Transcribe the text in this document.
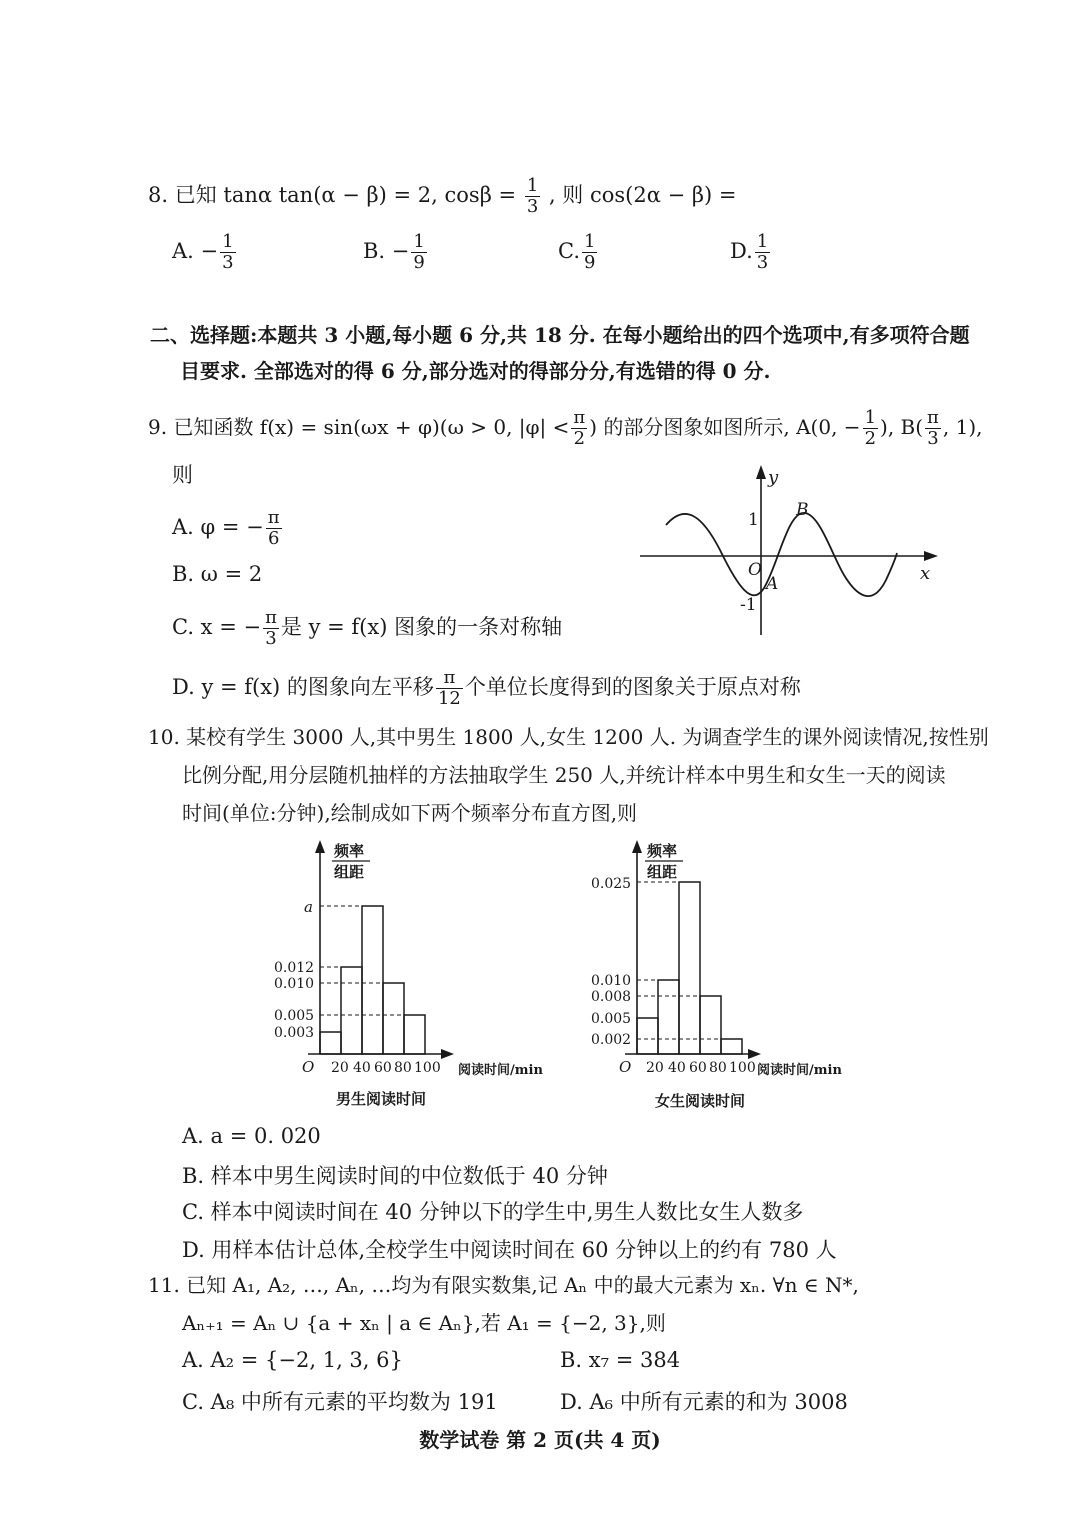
8. 已知 tanα tan(α − β) = 2, $\cos\beta = \frac{1}{3}$ , 则 cos(2α − β) =
A. − $\frac{1}{3}$	B. − $\frac{1}{9}$	C. $\frac{1}{9}$	D. $\frac{1}{3}$
二、选择题:本题共 3 小题,每小题 6 分,共 18 分. 在每小题给出的四个选项中,有多项符合题
目要求. 全部选对的得 6 分,部分选对的得部分分,有选错的得 0 分.
9. 已知函数 f(x) = sin(ωx + φ)(ω > 0, $|\varphi| < \frac{\pi}{2}$ ) 的部分图象如图所示, A(0, − $\frac{1}{2}$ ), $B( \frac{\pi}{3}$ , 1),
则
A. φ = − $\frac{\pi}{6}$
B. ω = 2
C. x = − $\frac{\pi}{3}$ 是 y = f(x) 图象的一条对称轴
D. y = f(x) 的图象向左平移 $\frac{\pi}{12}$ 个单位长度得到的图象关于原点对称
y
x
O
1
-1
A
B
10. 某校有学生 3000 人,其中男生 1800 人,女生 1200 人. 为调查学生的课外阅读情况,按性别
比例分配,用分层随机抽样的方法抽取学生 250 人,并统计样本中男生和女生一天的阅读
时间(单位:分钟),绘制成如下两个频率分布直方图,则
频率
组距
a
0.012
0.010
0.005
0.003
O 20 40 60 80 100 阅读时间/min
男生阅读时间
频率
组距
0.025
0.010
0.008
0.005
0.002
O 20 40 60 80 100 阅读时间/min
女生阅读时间
A. a = 0. 020
B. 样本中男生阅读时间的中位数低于 40 分钟
C. 样本中阅读时间在 40 分钟以下的学生中,男生人数比女生人数多
D. 用样本估计总体,全校学生中阅读时间在 60 分钟以上的约有 780 人
11. 已知 A₁, A₂, …, Aₙ, …均为有限实数集,记 Aₙ 中的最大元素为 xₙ. ∀n ∈ N*,
Aₙ₊₁ = Aₙ ∪ {a + xₙ | a ∈ Aₙ},若 A₁ = {−2, 3},则
A. A₂ = {−2, 1, 3, 6}	B. x₇ = 384
C. A₈ 中所有元素的平均数为 191	D. A₆ 中所有元素的和为 3008
数学试卷 第 2 页(共 4 页)
